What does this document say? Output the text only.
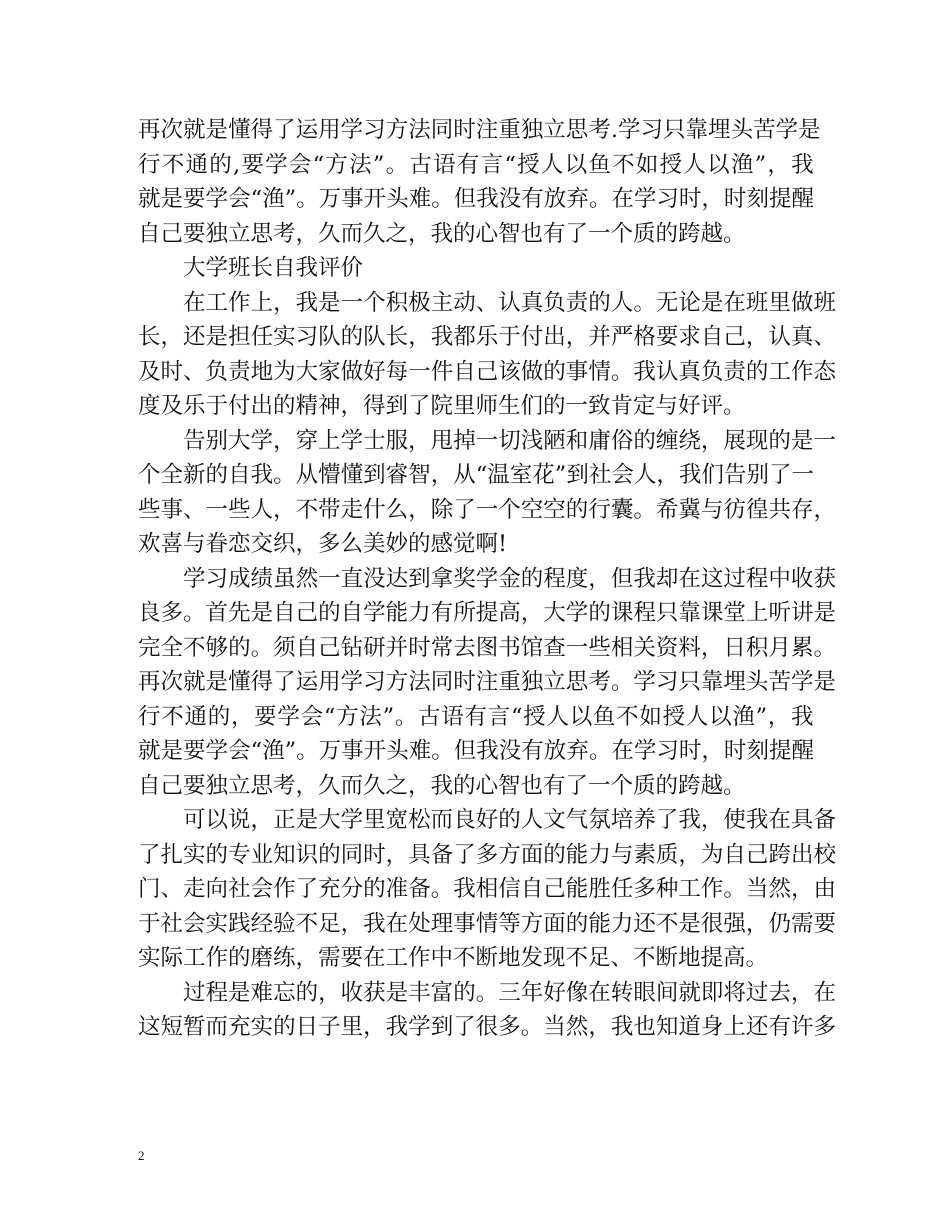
再 次 就 是 懂 得 了 运 用 学 习 方 法 同 时 注 重 独 立 思 考 . 学 习 只 靠 埋 头 苦 学 是
行 不 通 的 , 要 学 会 “ 方 法 ” 。 古 语 有 言 “ 授 人 以 鱼 不 如 授 人 以 渔 ” ， 我
就 是 要 学 会 “ 渔 ” 。 万 事 开 头 难 。 但 我 没 有 放 弃 。 在 学 习 时 ， 时 刻 提 醒
自己要独立思考，久而久之，我的心智也有了一个质的跨越。
大学班长自我评价
在 工 作 上 ， 我 是 一 个 积 极 主 动 、 认 真 负 责 的 人 。 无 论 是 在 班 里 做 班
长 ， 还 是 担 任 实 习 队 的 队 长 ， 我 都 乐 于 付 出 ， 并 严 格 要 求 自 己 ， 认 真 、
及 时 、 负 责 地 为 大 家 做 好 每 一 件 自 己 该 做 的 事 情 。 我 认 真 负 责 的 工 作 态
度及乐于付出的精神，得到了院里师生们的一致肯定与好评。
告 别 大 学 ， 穿 上 学 士 服 ， 甩 掉 一 切 浅 陋 和 庸 俗 的 缠 绕 ， 展 现 的 是 一
个 全 新 的 自 我 。 从 懵 懂 到 睿 智 ， 从 “ 温 室 花 ” 到 社 会 人 ， 我 们 告 别 了 一
些 事 、 一 些 人 ， 不 带 走 什 么 ， 除 了 一 个 空 空 的 行 囊 。 希 冀 与 彷 徨 共 存 ，
欢喜与眷恋交织，多么美妙的感觉啊!
学 习 成 绩 虽 然 一 直 没 达 到 拿 奖 学 金 的 程 度 ， 但 我 却 在 这 过 程 中 收 获
良 多 。 首 先 是 自 己 的 自 学 能 力 有 所 提 高 ， 大 学 的 课 程 只 靠 课 堂 上 听 讲 是
完 全 不 够 的 。 须 自 己 钻 研 并 时 常 去 图 书 馆 查 一 些 相 关 资 料 ， 日 积 月 累 。
再 次 就 是 懂 得 了 运 用 学 习 方 法 同 时 注 重 独 立 思 考 。 学 习 只 靠 埋 头 苦 学 是
行 不 通 的 ， 要 学 会 “ 方 法 ” 。 古 语 有 言 “ 授 人 以 鱼 不 如 授 人 以 渔 ” ， 我
就 是 要 学 会 “ 渔 ” 。 万 事 开 头 难 。 但 我 没 有 放 弃 。 在 学 习 时 ， 时 刻 提 醒
自己要独立思考，久而久之，我的心智也有了一个质的跨越。
可 以 说 ， 正 是 大 学 里 宽 松 而 良 好 的 人 文 气 氛 培 养 了 我 ， 使 我 在 具 备
了 扎 实 的 专 业 知 识 的 同 时 ， 具 备 了 多 方 面 的 能 力 与 素 质 ， 为 自 己 跨 出 校
门 、 走 向 社 会 作 了 充 分 的 准 备 。 我 相 信 自 己 能 胜 任 多 种 工 作 。 当 然 ， 由
于 社 会 实 践 经 验 不 足 ， 我 在 处 理 事 情 等 方 面 的 能 力 还 不 是 很 强 ， 仍 需 要
实际工作的磨练，需要在工作中不断地发现不足、不断地提高。
过 程 是 难 忘 的 ， 收 获 是 丰 富 的 。 三 年 好 像 在 转 眼 间 就 即 将 过 去 ， 在
这 短 暂 而 充 实 的 日 子 里 ， 我 学 到 了 很 多 。 当 然 ， 我 也 知 道 身 上 还 有 许 多
2
